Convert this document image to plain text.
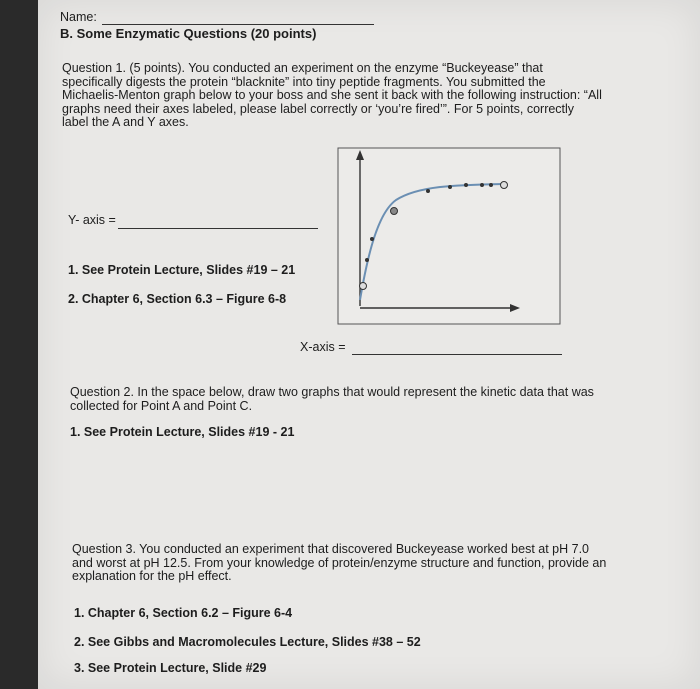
Name:
B. Some Enzymatic Questions (20 points)
Question 1. (5 points). You conducted an experiment on the enzyme “Buckeyease” that
specifically digests the protein “blacknite” into tiny peptide fragments. You submitted the
Michaelis-Menton graph below to your boss and she sent it back with the following instruction: “All
graphs need their axes labeled, please label correctly or ‘you’re fired’”. For 5 points, correctly
label the A and Y axes.
Y- axis =
1. See Protein Lecture, Slides #19 – 21
2. Chapter 6, Section 6.3 – Figure 6-8
X-axis =
Question 2. In the space below, draw two graphs that would represent the kinetic data that was
collected for Point A and Point C.
1. See Protein Lecture, Slides #19 - 21
Question 3. You conducted an experiment that discovered Buckeyease worked best at pH 7.0
and worst at pH 12.5. From your knowledge of protein/enzyme structure and function, provide an
explanation for the pH effect.
1. Chapter 6, Section 6.2 – Figure 6-4
2. See Gibbs and Macromolecules Lecture, Slides #38 – 52
3. See Protein Lecture, Slide #29
